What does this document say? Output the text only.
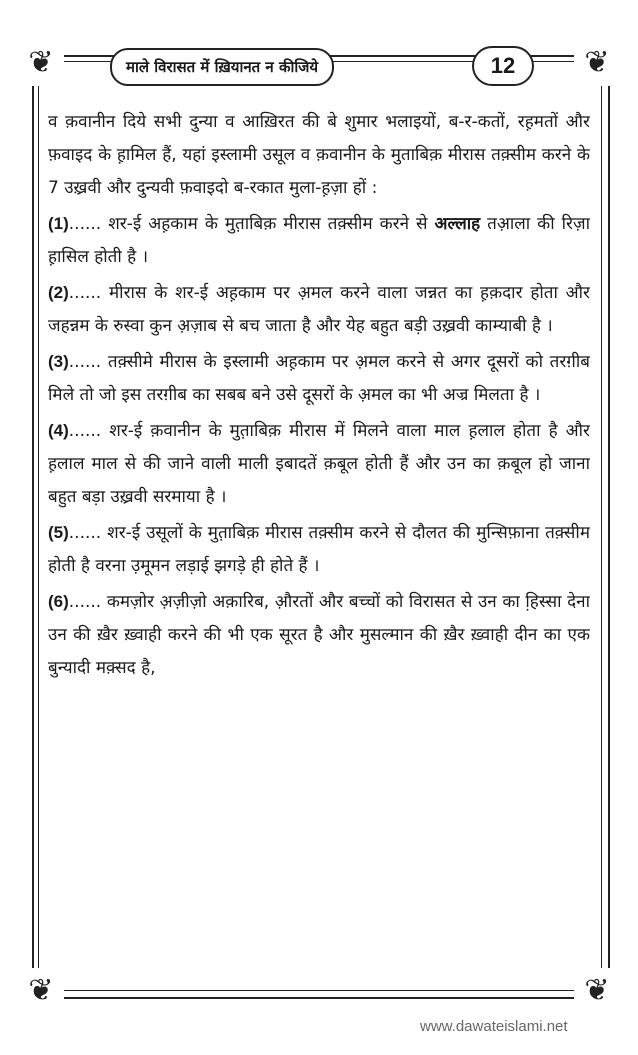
❦	❦
❦	❦
माले विरासत में ख़ियानत न कीजिये	12

व क़वानीन दिये सभी दुन्या व आख़िरत की बे शुमार भलाइयों, ब-र-कतों, रह़मतों और फ़वाइद के ह़ामिल हैं, यहां इस्लामी उसूल व क़वानीन के मुताबिक़ मीरास तक़्सीम करने के 7 उख़्रवी और दुन्यवी फ़वाइदो ब-रकात मुला-ह़ज़ा हों :

(1)...... शर-ई अह़काम के मुत़ाबिक़ मीरास तक़्सीम करने से अल्लाह तआ़ला की रिज़ा ह़ासिल होती है ।

(2)...... मीरास के शर-ई अह़काम पर अ़मल करने वाला जन्नत का ह़क़दार होता और जहन्नम के रुस्वा कुन अ़ज़ाब से बच जाता है और येह बहुत बड़ी उख़्रवी काम्याबी है ।

(3)...... तक़्सीमे मीरास के इस्लामी अह़काम पर अ़मल करने से अगर दूसरों को तरग़ीब मिले तो जो इस तरग़ीब का सबब बने उसे दूसरों के अ़मल का भी अज्र मिलता है ।

(4)...... शर-ई क़वानीन के मुत़ाबिक़ मीरास में मिलने वाला माल ह़लाल होता है और ह़लाल माल से की जाने वाली माली इबादतें क़बूल होती हैं और उन का क़बूल हो जाना बहुत बड़ा उख़्रवी सरमाया है ।

(5)...... शर-ई उसूलों के मुत़ाबिक़ मीरास तक़्सीम करने से दौलत की मुन्सिफ़ाना तक़्सीम होती है वरना उ़मूमन लड़ाई झगड़े ही होते हैं ।

(6)...... कमज़ोर अ़ज़ीज़ो अक़ारिब, औ़रतों और बच्चों को विरासत से उन का हि़स्सा देना उन की ख़ैर ख़्वाही करने की भी एक सूरत है और मुसल्मान की ख़ैर ख़्वाही दीन का एक बुन्यादी मक़्सद है,

www.dawateislami.net
